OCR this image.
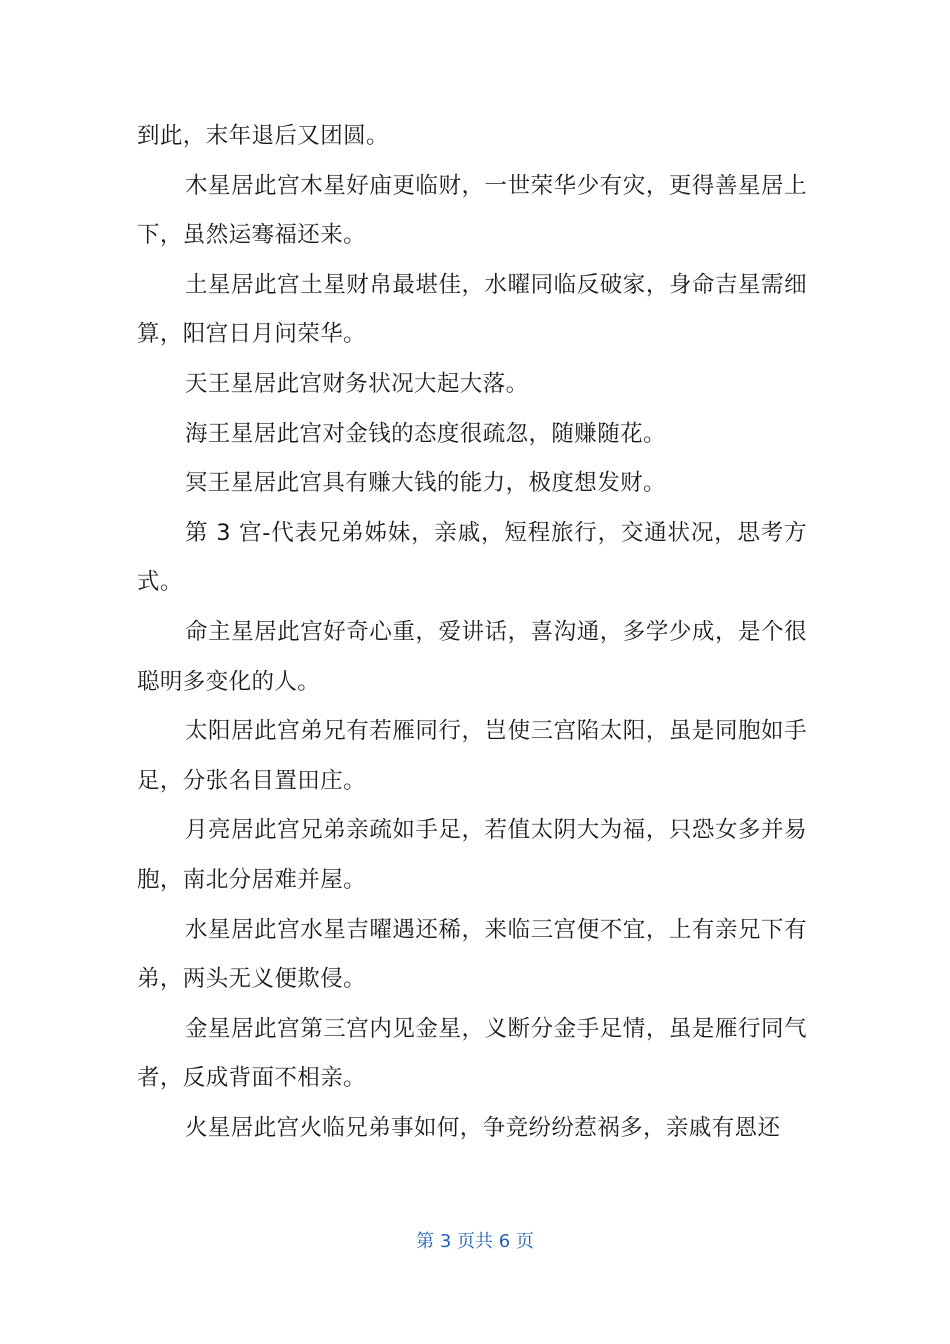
到此，末年退后又团圆。

木星居此宫木星好庙更临财，一世荣华少有灾，更得善星居上下，虽然运骞福还来。

土星居此宫土星财帛最堪佳，水曜同临反破家，身命吉星需细算，阳宫日月问荣华。

天王星居此宫财务状况大起大落。

海王星居此宫对金钱的态度很疏忽，随赚随花。

冥王星居此宫具有赚大钱的能力，极度想发财。

第 3 宫-代表兄弟姊妹，亲戚，短程旅行，交通状况，思考方式。

命主星居此宫好奇心重，爱讲话，喜沟通，多学少成，是个很聪明多变化的人。

太阳居此宫弟兄有若雁同行，岂使三宫陷太阳，虽是同胞如手足，分张名目置田庄。

月亮居此宫兄弟亲疏如手足，若值太阴大为福，只恐女多并易胞，南北分居难并屋。

水星居此宫水星吉曜遇还稀，来临三宫便不宜，上有亲兄下有弟，两头无义便欺侵。

金星居此宫第三宫内见金星，义断分金手足情，虽是雁行同气者，反成背面不相亲。

火星居此宫火临兄弟事如何，争竞纷纷惹祸多，亲戚有恩还

第 3 页共 6 页
